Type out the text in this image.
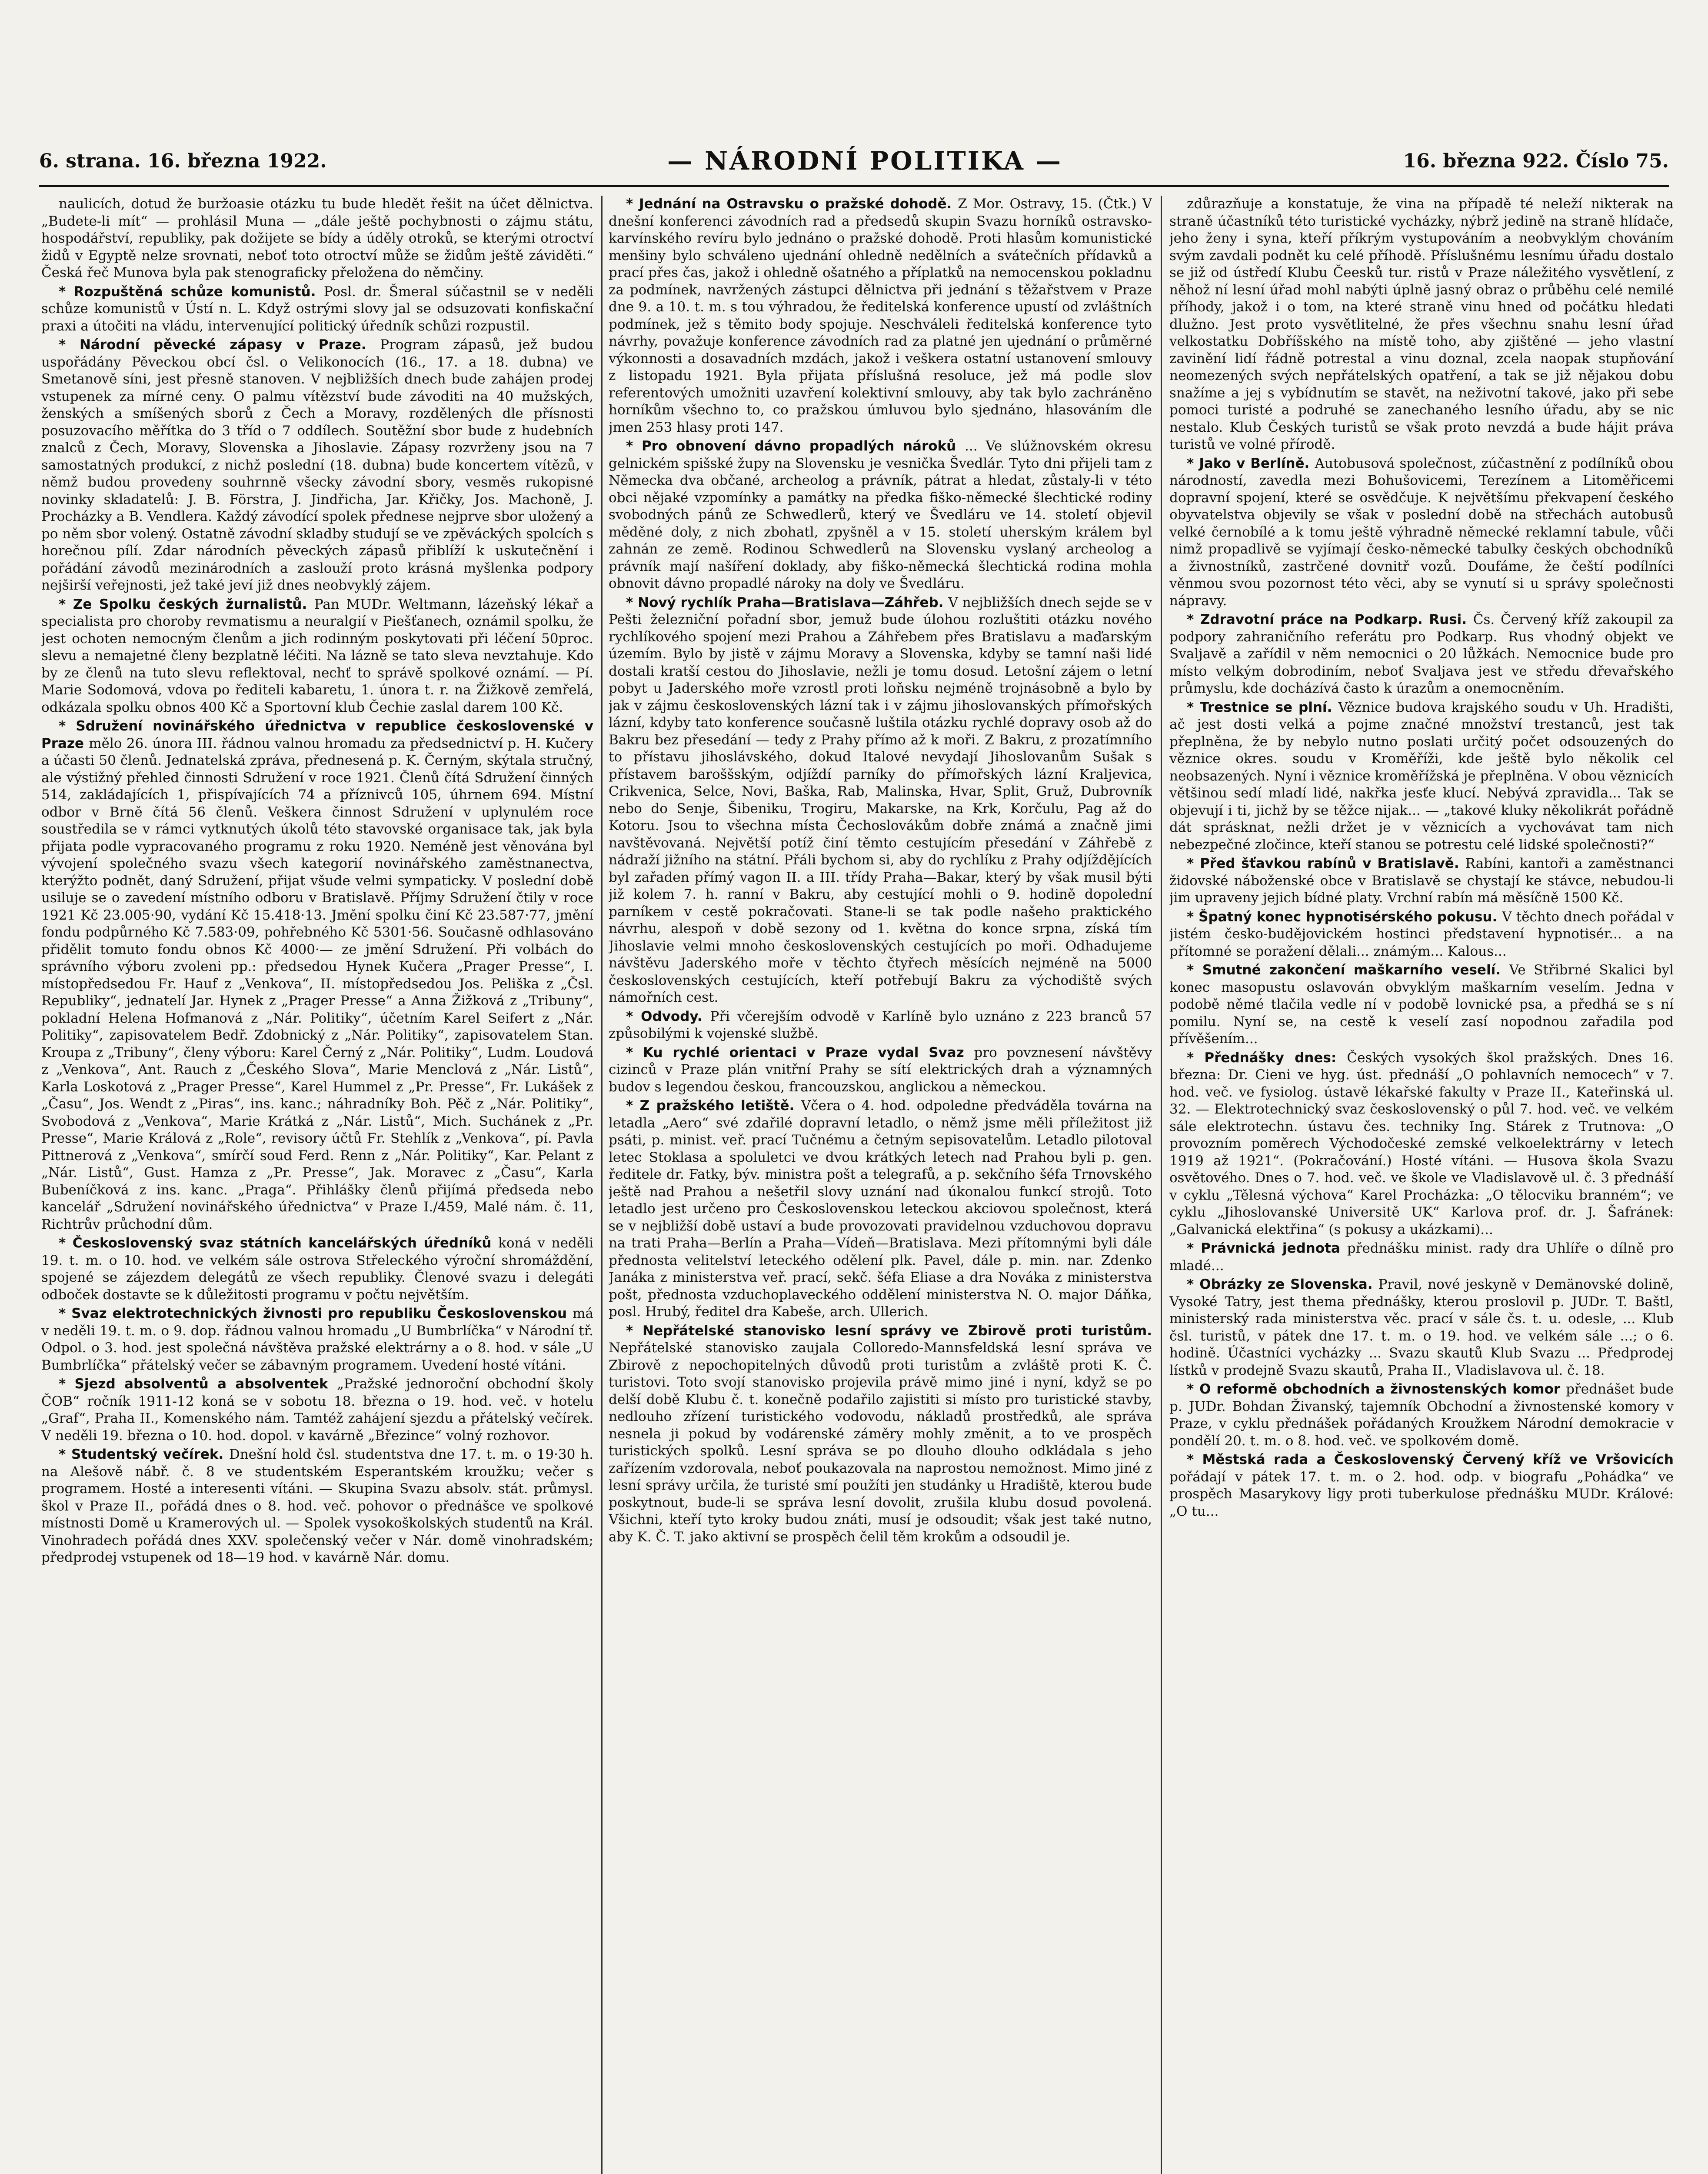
6. strana. 16. března 1922.	— NÁRODNÍ POLITIKA —	16. března 922. Číslo 75.

naulicích, dotud že buržoasie otázku tu bude hledět řešit na účet dělnictva. „Budete-li mít“ — prohlásil Muna — „dále ještě pochybnosti o zájmu státu, hospodářství, republiky, pak dožijete se bídy a úděly otroků, se kterými otroctví židů v Egyptě nelze srovnati, neboť toto otroctví může se židům ještě záviděti.“ Česká řeč Munova byla pak stenograficky přeložena do němčiny.

* Rozpuštěná schůze komunistů. Posl. dr. Šmeral súčastnil se v neděli schůze komunistů v Ústí n. L. Když ostrými slovy jal se odsuzovati konfiskační praxi a útočiti na vládu, intervenující politický úředník schůzi rozpustil.

* Národní pěvecké zápasy v Praze. Program zápasů, jež budou uspořádány Pěveckou obcí čsl. o Velikonocích (16., 17. a 18. dubna) ve Smetanově síni, jest přesně stanoven. V nejbližších dnech bude zahájen prodej vstupenek za mírné ceny. O palmu vítězství bude závoditi na 40 mužských, ženských a smíšených sborů z Čech a Moravy, rozdělených dle přísnosti posuzovacího měřítka do 3 tříd o 7 oddílech. Soutěžní sbor bude z hudebních znalců z Čech, Moravy, Slovenska a Jihoslavie. Zápasy rozvrženy jsou na 7 samostatných produkcí, z nichž poslední (18. dubna) bude koncertem vítězů, v němž budou provedeny souhrnně všecky závodní sbory, vesměs rukopisné novinky skladatelů: J. B. Förstra, J. Jindřicha, Jar. Křičky, Jos. Machoně, J. Procházky a B. Vendlera. Každý závodící spolek přednese nejprve sbor uložený a po něm sbor volený. Ostatně závodní skladby studují se ve zpěváckých spolcích s horečnou pílí. Zdar národních pěveckých zápasů přiblíží k uskutečnění i pořádání závodů mezinárodních a zaslouží proto krásná myšlenka podpory nejširší veřejnosti, jež také jeví již dnes neobvyklý zájem.

* Ze Spolku českých žurnalistů. Pan MUDr. Weltmann, lázeňský lékař a specialista pro choroby revmatismu a neuralgií v Piešťanech, oznámil spolku, že jest ochoten nemocným členům a jich rodinným poskytovati při léčení 50proc. slevu a nemajetné členy bezplatně léčiti. Na lázně se tato sleva nevztahuje. Kdo by ze členů na tuto slevu reflektoval, nechť to správě spolkové oznámí. — Pí. Marie Sodomová, vdova po řediteli kabaretu, 1. února t. r. na Žižkově zemřelá, odkázala spolku obnos 400 Kč a Sportovní klub Čechie zaslal darem 100 Kč.

* Sdružení novinářského úřednictva v republice československé v Praze mělo 26. února III. řádnou valnou hromadu za předsednictví p. H. Kučery a účasti 50 členů. Jednatelská zpráva, přednesená p. K. Černým, skýtala stručný, ale výstižný přehled činnosti Sdružení v roce 1921. Členů čítá Sdružení činných 514, zakládajících 1, přispívajících 74 a příznivců 105, úhrnem 694. Místní odbor v Brně čítá 56 členů. Veškera činnost Sdružení v uplynulém roce soustředila se v rámci vytknutých úkolů této stavovské organisace tak, jak byla přijata podle vypracovaného programu z roku 1920. Neméně jest věnována byl vývojení společného svazu všech kategorií novinářského zaměstnanectva, kterýžto podnět, daný Sdružení, přijat všude velmi sympaticky. V poslední době usiluje se o zavedení místního odboru v Bratislavě. Příjmy Sdružení čtily v roce 1921 Kč 23.005·90, vydání Kč 15.418·13. Jmění spolku činí Kč 23.587·77, jmění fondu podpůrného Kč 7.583·09, pohřebného Kč 5301·56. Současně odhlasováno přidělit tomuto fondu obnos Kč 4000·— ze jmění Sdružení. Při volbách do správního výboru zvoleni pp.: předsedou Hynek Kučera „Prager Presse“, I. místopředsedou Fr. Hauf z „Venkova“, II. místopředsedou Jos. Peliška z „Čsl. Republiky“, jednatelí Jar. Hynek z „Prager Presse“ a Anna Žižková z „Tribuny“, pokladní Helena Hofmanová z „Nár. Politiky“, účetním Karel Seifert z „Nár. Politiky“, zapisovatelem Bedř. Zdobnický z „Nár. Politiky“, zapisovatelem Stan. Kroupa z „Tribuny“, členy výboru: Karel Černý z „Nár. Politiky“, Ludm. Loudová z „Venkova“, Ant. Rauch z „Českého Slova“, Marie Menclová z „Nár. Listů“, Karla Loskotová z „Prager Presse“, Karel Hummel z „Pr. Presse“, Fr. Lukášek z „Času“, Jos. Wendt z „Piras“, ins. kanc.; náhradníky Boh. Pěč z „Nár. Politiky“, Svobodová z „Venkova“, Marie Krátká z „Nár. Listů“, Mich. Suchánek z „Pr. Presse“, Marie Králová z „Role“, revisory účtů Fr. Stehlík z „Venkova“, pí. Pavla Pittnerová z „Venkova“, smírčí soud Ferd. Renn z „Nár. Politiky“, Kar. Pelant z „Nár. Listů“, Gust. Hamza z „Pr. Presse“, Jak. Moravec z „Času“, Karla Bubeníčková z ins. kanc. „Praga“. Přihlášky členů přijímá předseda nebo kancelář „Sdružení novinářského úřednictva“ v Praze I./459, Malé nám. č. 11, Richtrův průchodní dům.

* Československý svaz státních kancelářských úředníků koná v neděli 19. t. m. o 10. hod. ve velkém sále ostrova Střeleckého výroční shromáždění, spojené se zájezdem delegátů ze všech republiky. Členové svazu i delegáti odboček dostavte se k důležitosti programu v počtu největším.

* Svaz elektrotechnických živnosti pro republiku Československou má v neděli 19. t. m. o 9. dop. řádnou valnou hromadu „U Bumbrlíčka“ v Národní tř. Odpol. o 3. hod. jest společná návštěva pražské elektrárny a o 8. hod. v sále „U Bumbrlíčka“ přátelský večer se zábavným programem. Uvedení hosté vítáni.

* Sjezd absolventů a absolventek „Pražské jednoroční obchodní školy ČOB“ ročník 1911-12 koná se v sobotu 18. března o 19. hod. več. v hotelu „Graf“, Praha II., Komenského nám. Tamtéž zahájení sjezdu a přátelský večírek. V neděli 19. března o 10. hod. dopol. v kavárně „Březince“ volný rozhovor.

* Studentský večírek. Dnešní hold čsl. studentstva dne 17. t. m. o 19·30 h. na Alešově nábř. č. 8 ve studentském Esperantském kroužku; večer s programem. Hosté a interesenti vítáni. — Skupina Svazu absolv. stát. průmysl. škol v Praze II., pořádá dnes o 8. hod. več. pohovor o přednášce ve spolkové místnosti Domě u Kramerových ul. — Spolek vysokoškolských studentů na Král. Vinohradech pořádá dnes XXV. společenský večer v Nár. domě vinohradském; předprodej vstupenek od 18—19 hod. v kavárně Nár. domu.

* Jednání na Ostravsku o pražské dohodě. Z Mor. Ostravy, 15. (Čtk.) V dnešní konferenci závodních rad a předsedů skupin Svazu horníků ostravsko-karvínského revíru bylo jednáno o pražské dohodě. Proti hlasům komunistické menšiny bylo schváleno ujednání ohledně nedělních a svátečních přídavků a prací přes čas, jakož i ohledně ošatného a příplatků na nemocenskou pokladnu za podmínek, navržených zástupci dělnictva při jednání s těžařstvem v Praze dne 9. a 10. t. m. s tou výhradou, že ředitelská konference upustí od zvláštních podmínek, jež s těmito body spojuje. Neschváleli ředitelská konference tyto návrhy, považuje konference závodních rad za platné jen ujednání o průměrné výkonnosti a dosavadních mzdách, jakož i veškera ostatní ustanovení smlouvy z listopadu 1921. Byla přijata příslušná resoluce, jež má podle slov referentových umožniti uzavření kolektivní smlouvy, aby tak bylo zachráněno horníkům všechno to, co pražskou úmluvou bylo sjednáno, hlasováním dle jmen 253 hlasy proti 147.

* Pro obnovení dávno propadlých nároků ... Ve slúžnovském okresu gelnickém spišské župy na Slovensku je vesnička Švedlár. Tyto dni přijeli tam z Německa dva občané, archeolog a právník, pátrat a hledat, zůstaly-li v této obci nějaké vzpomínky a památky na předka fiško-německé šlechtické rodiny svobodných pánů ze Schwedlerů, který ve Švedláru ve 14. století objevil měděné doly, z nich zbohatl, zpyšněl a v 15. století uherským králem byl zahnán ze země. Rodinou Schwedlerů na Slovensku vyslaný archeolog a právník mají našíření doklady, aby fiško-německá šlechtická rodina mohla obnovit dávno propadlé nároky na doly ve Švedláru.

* Nový rychlík Praha—Bratislava—Záhřeb. V nejbližších dnech sejde se v Pešti železniční pořadní sbor, jemuž bude úlohou rozluštiti otázku nového rychlíkového spojení mezi Prahou a Záhřebem přes Bratislavu a maďarským územím. Bylo by jistě v zájmu Moravy a Slovenska, kdyby se tamní naši lidé dostali kratší cestou do Jihoslavie, nežli je tomu dosud. Letošní zájem o letní pobyt u Jaderského moře vzrostl proti loňsku nejméně trojnásobně a bylo by jak v zájmu československých lázní tak i v zájmu jihoslovanských přímořských lázní, kdyby tato konference současně luštila otázku rychlé dopravy osob až do Bakru bez přesedání — tedy z Prahy přímo až k moři. Z Bakru, z prozatímního to přístavu jihoslávského, dokud Italové nevydají Jihoslovanům Sušak s přístavem baroššským, odjíždí parníky do přímořských lázní Kraljevica, Crikvenica, Selce, Novi, Baška, Rab, Malinska, Hvar, Split, Gruž, Dubrovník nebo do Senje, Šibeniku, Trogiru, Makarske, na Krk, Korčulu, Pag až do Kotoru. Jsou to všechna místa Čechoslovákům dobře známá a značně jimi navštěvovaná. Největší potíž činí těmto cestujícím přesedání v Záhřebě z nádraží jižního na státní. Přáli bychom si, aby do rychlíku z Prahy odjíždějících byl zařaden přímý vagon II. a III. třídy Praha—Bakar, který by však musil býti již kolem 7. h. ranní v Bakru, aby cestující mohli o 9. hodině dopolední parníkem v cestě pokračovati. Stane-li se tak podle našeho praktického návrhu, alespoň v době sezony od 1. května do konce srpna, získá tím Jihoslavie velmi mnoho československých cestujících po moři. Odhadujeme návštěvu Jaderského moře v těchto čtyřech měsících nejméně na 5000 československých cestujících, kteří potřebují Bakru za východiště svých námořních cest.

* Odvody. Při včerejším odvodě v Karlíně bylo uznáno z 223 branců 57 způsobilými k vojenské službě.

* Ku rychlé orientaci v Praze vydal Svaz pro povznesení návštěvy cizinců v Praze plán vnitřní Prahy se sítí elektrických drah a významných budov s legendou českou, francouzskou, anglickou a německou.

* Z pražského letiště. Včera o 4. hod. odpoledne předváděla továrna na letadla „Aero“ své zdařilé dopravní letadlo, o němž jsme měli příležitost již psáti, p. minist. veř. prací Tučnému a četným sepisovatelům. Letadlo pilotoval letec Stoklasa a spoluletci ve dvou krátkých letech nad Prahou byli p. gen. ředitele dr. Fatky, býv. ministra pošt a telegrafů, a p. sekčního šéfa Trnovského ještě nad Prahou a nešetřil slovy uznání nad úkonalou funkcí strojů. Toto letadlo jest určeno pro Československou leteckou akciovou společnost, která se v nejbližší době ustaví a bude provozovati pravidelnou vzduchovou dopravu na trati Praha—Berlín a Praha—Vídeň—Bratislava. Mezi přítomnými byli dále přednosta velitelství leteckého odělení plk. Pavel, dále p. min. nar. Zdenko Janáka z ministerstva veř. prací, sekč. šéfa Eliase a dra Nováka z ministerstva pošt, přednosta vzduchoplaveckého oddělení ministerstva N. O. major Dáňka, posl. Hrubý, ředitel dra Kabeše, arch. Ullerich.

* Nepřátelské stanovisko lesní správy ve Zbirově proti turistům. Nepřátelské stanovisko zaujala Colloredo-Mannsfeldská lesní správa ve Zbirově z nepochopitelných důvodů proti turistům a zvláště proti K. Č. turistovi. Toto svojí stanovisko projevila právě mimo jiné i nyní, když se po delší době Klubu č. t. konečně podařilo zajistiti si místo pro turistické stavby, nedlouho zřízení turistického vodovodu, nákladů prostředků, ale správa nesnela ji pokud by vodárenské záměry mohly změnit, a to ve prospěch turistických spolků. Lesní správa se po dlouho dlouho odkládala s jeho zařízením vzdorovala, neboť poukazovala na naprostou nemožnost. Mimo jiné z lesní správy určila, že turisté smí použíti jen studánky u Hradiště, kterou bude poskytnout, bude-li se správa lesní dovolit, zrušila klubu dosud povolená. Všichni, kteří tyto kroky budou znáti, musí je odsoudit; však jest také nutno, aby K. Č. T. jako aktivní se prospěch čelil těm krokům a odsoudil je.

zdůrazňuje a konstatuje, že vina na případě té neleží nikterak na straně účastníků této turistické vycházky, nýbrž jedině na straně hlídače, jeho ženy i syna, kteří příkrým vystupováním a neobvyklým chováním svým zavdali podnět ku celé příhodě. Příslušnému lesnímu úřadu dostalo se již od ústředí Klubu Čeesků tur. ristů v Praze náležitého vysvětlení, z něhož ní lesní úřad mohl nabýti úplně jasný obraz o průběhu celé nemilé příhody, jakož i o tom, na které straně vinu hned od počátku hledati dlužno. Jest proto vysvětlitelné, že přes všechnu snahu lesní úřad velkostatku Dobříšského na místě toho, aby zjištěné — jeho vlastní zavinění lidí řádně potrestal a vinu doznal, zcela naopak stupňování neomezených svých nepřátelských opatření, a tak se již nějakou dobu snažíme a jej s vybídnutím se stavět, na neživotní takové, jako při sebe pomoci turisté a podruhé se zanechaného lesního úřadu, aby se nic nestalo. Klub Českých turistů se však proto nevzdá a bude hájit práva turistů ve volné přírodě.

* Jako v Berlíně. Autobusová společnost, zúčastnění z podílníků obou národností, zavedla mezi Bohušovicemi, Terezínem a Litoměřicemi dopravní spojení, které se osvědčuje. K největšímu překvapení českého obyvatelstva objevily se však v poslední době na střechách autobusů velké černobílé a k tomu ještě výhradně německé reklamní tabule, vůči nimž propadlivě se vyjímají česko-německé tabulky českých obchodníků a živnostníků, zastrčené dovnitř vozů. Doufáme, že čeští podílníci věnmou svou pozornost této věci, aby se vynutí si u správy společnosti nápravy.

* Zdravotní práce na Podkarp. Rusi. Čs. Červený kříž zakoupil za podpory zahraničního referátu pro Podkarp. Rus vhodný objekt ve Svaljavě a zařídil v něm nemocnici o 20 lůžkách. Nemocnice bude pro místo velkým dobrodiním, neboť Svaljava jest ve středu dřevařského průmyslu, kde docházívá často k úrazům a onemocněním.

* Trestnice se plní. Věznice budova krajského soudu v Uh. Hradišti, ač jest dosti velká a pojme značné množství trestanců, jest tak přeplněna, že by nebylo nutno poslati určitý počet odsouzených do věznice okres. soudu v Kroměříži, kde ještě bylo několik cel neobsazených. Nyní i věznice kroměřížská je přeplněna. V obou věznicích většinou sedí mladí lidé, nakřka jesťe klucí. Nebývá zpravidla... Tak se objevují i ti, jichž by se těžce nijak... — „takové kluky několikrát pořádně dát sprásknat, nežli držet je v věznicích a vychovávat tam nich nebezpečné zločince, kteří stanou se potrestu celé lidské společnosti?“

* Před šťavkou rabínů v Bratislavě. Rabíni, kantoři a zaměstnanci židovské náboženské obce v Bratislavě se chystají ke stávce, nebudou-li jim upraveny jejich bídné platy. Vrchní rabín má měsíčně 1500 Kč.

* Špatný konec hypnotisérského pokusu. V těchto dnech pořádal v jistém česko-budějovickém hostinci představení hypnotisér... a na přítomné se poražení dělali... známým... Kalous...

* Smutné zakončení maškarního veselí. Ve Střibrné Skalici byl konec masopustu oslavován obvyklým maškarním veselím. Jedna v podobě němé tlačila vedle ní v podobě lovnické psa, a předhá se s ní pomilu. Nyní se, na cestě k veselí zasí nopodnou zařadila pod přívěšením...

* Přednášky dnes: Českých vysokých škol pražských. Dnes 16. března: Dr. Cieni ve hyg. úst. přednáší „O pohlavních nemocech“ v 7. hod. več. ve fysiolog. ústavě lékařské fakulty v Praze II., Kateřinská ul. 32. — Elektrotechnický svaz československý o půl 7. hod. več. ve velkém sále elektrotechn. ústavu čes. techniky Ing. Stárek z Trutnova: „O provozním poměrech Východočeské zemské velkoelektrárny v letech 1919 až 1921“. (Pokračování.) Hosté vítáni. — Husova škola Svazu osvětového. Dnes o 7. hod. več. ve škole ve Vladislavově ul. č. 3 přednáší v cyklu „Tělesná výchova“ Karel Procházka: „O tělocviku branném“; ve cyklu „Jihoslovanské Universitě UK“ Karlova prof. dr. J. Šafránek: „Galvanická elektřina“ (s pokusy a ukázkami)...

* Právnická jednota přednášku minist. rady dra Uhlíře o dílně pro mladé...

* Obrázky ze Slovenska. Pravil, nové jeskyně v Demänovské dolině, Vysoké Tatry, jest thema přednášky, kterou proslovil p. JUDr. T. Baštl, ministerský rada ministerstva věc. prací v sále čs. t. u. odesle, ... Klub čsl. turistů, v pátek dne 17. t. m. o 19. hod. ve velkém sále ...; o 6. hodině. Účastníci vycházky ... Svazu skautů Klub Svazu ... Předprodej lístků v prodejně Svazu skautů, Praha II., Vladislavova ul. č. 18.

* O reformě obchodních a živnostenských komor přednášet bude p. JUDr. Bohdan Živanský, tajemník Obchodní a živnostenské komory v Praze, v cyklu přednášek pořádaných Kroužkem Národní demokracie v pondělí 20. t. m. o 8. hod. več. ve spolkovém domě.

* Městská rada a Československý Červený kříž ve Vršovicích pořádají v pátek 17. t. m. o 2. hod. odp. v biografu „Pohádka“ ve prospěch Masarykovy ligy proti tuberkulose přednášku MUDr. Králové: „O tu...
